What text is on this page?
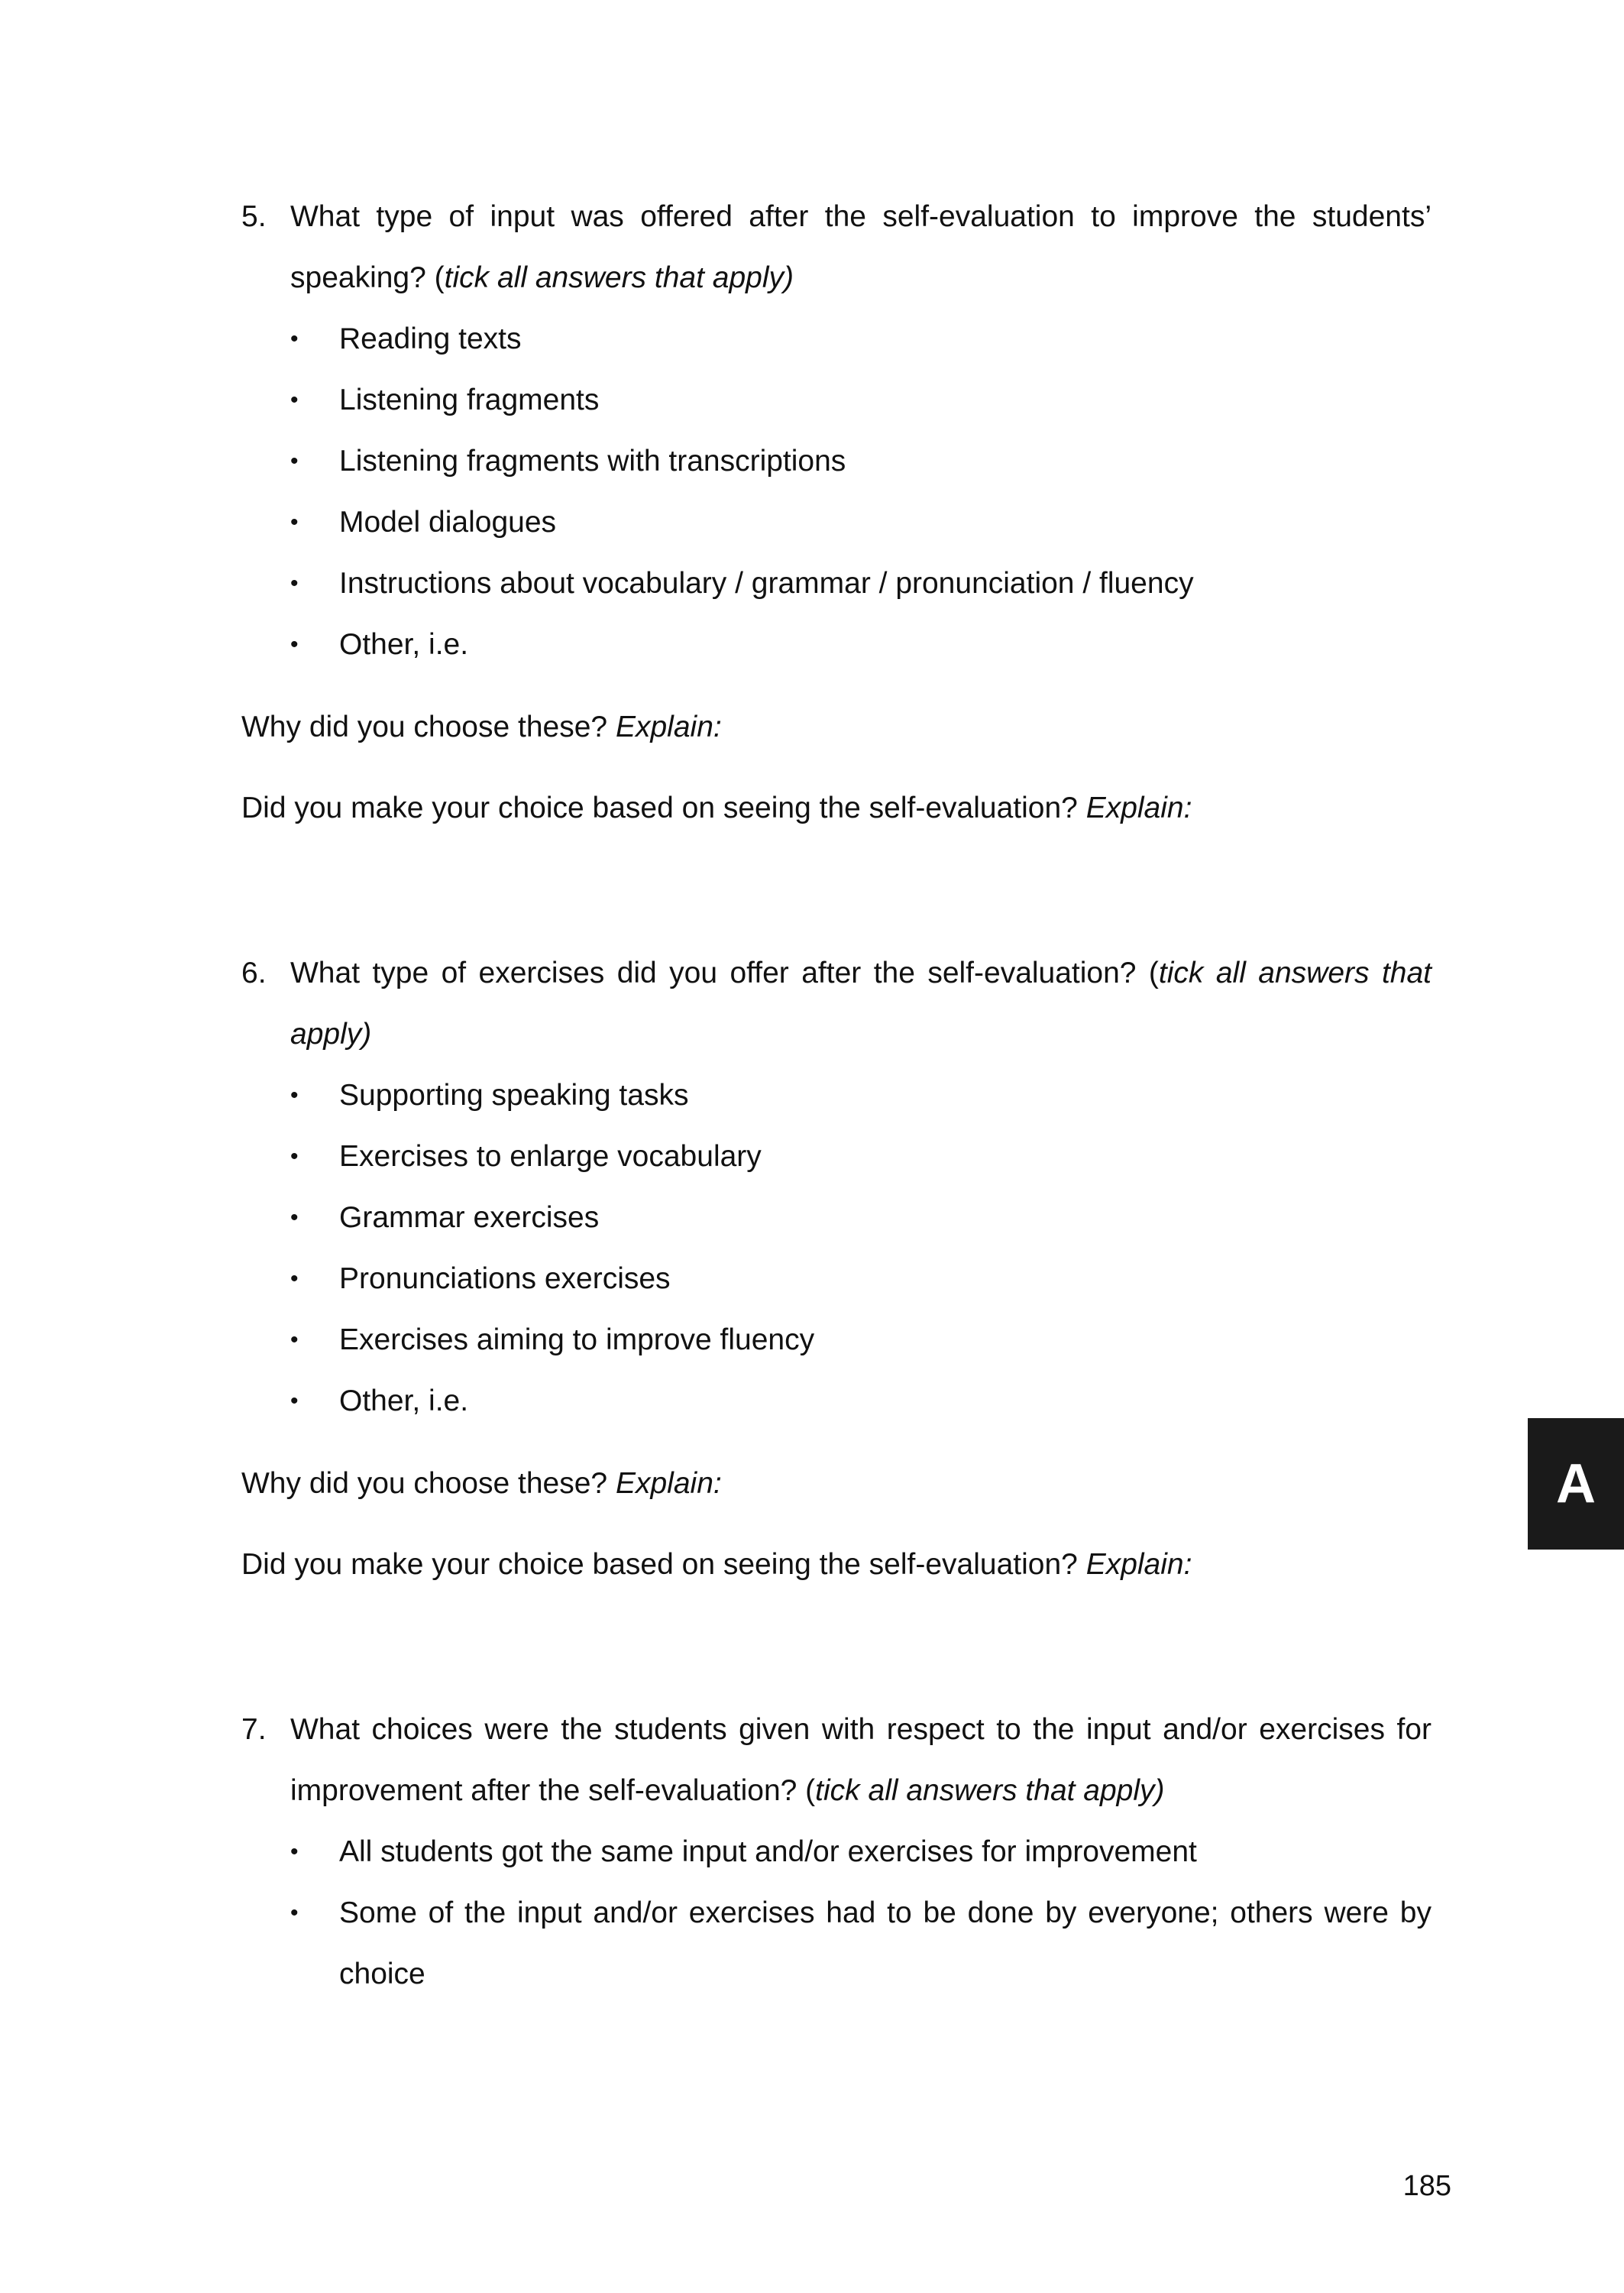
5. What type of input was offered after the self-evaluation to improve the students’ speaking? (tick all answers that apply)
•	Reading texts
•	Listening fragments
•	Listening fragments with transcriptions
•	Model dialogues
•	Instructions about vocabulary / grammar / pronunciation / fluency
•	Other, i.e.
Why did you choose these? Explain:
Did you make your choice based on seeing the self-evaluation? Explain:
6. What type of exercises did you offer after the self-evaluation? (tick all answers that apply)
•	Supporting speaking tasks
•	Exercises to enlarge vocabulary
•	Grammar exercises
•	Pronunciations exercises
•	Exercises aiming to improve fluency
•	Other, i.e.
Why did you choose these? Explain:
Did you make your choice based on seeing the self-evaluation? Explain:
7. What choices were the students given with respect to the input and/or exercises for improvement after the self-evaluation? (tick all answers that apply)
•	All students got the same input and/or exercises for improvement
•	Some of the input and/or exercises had to be done by everyone; others were by choice
A
185
